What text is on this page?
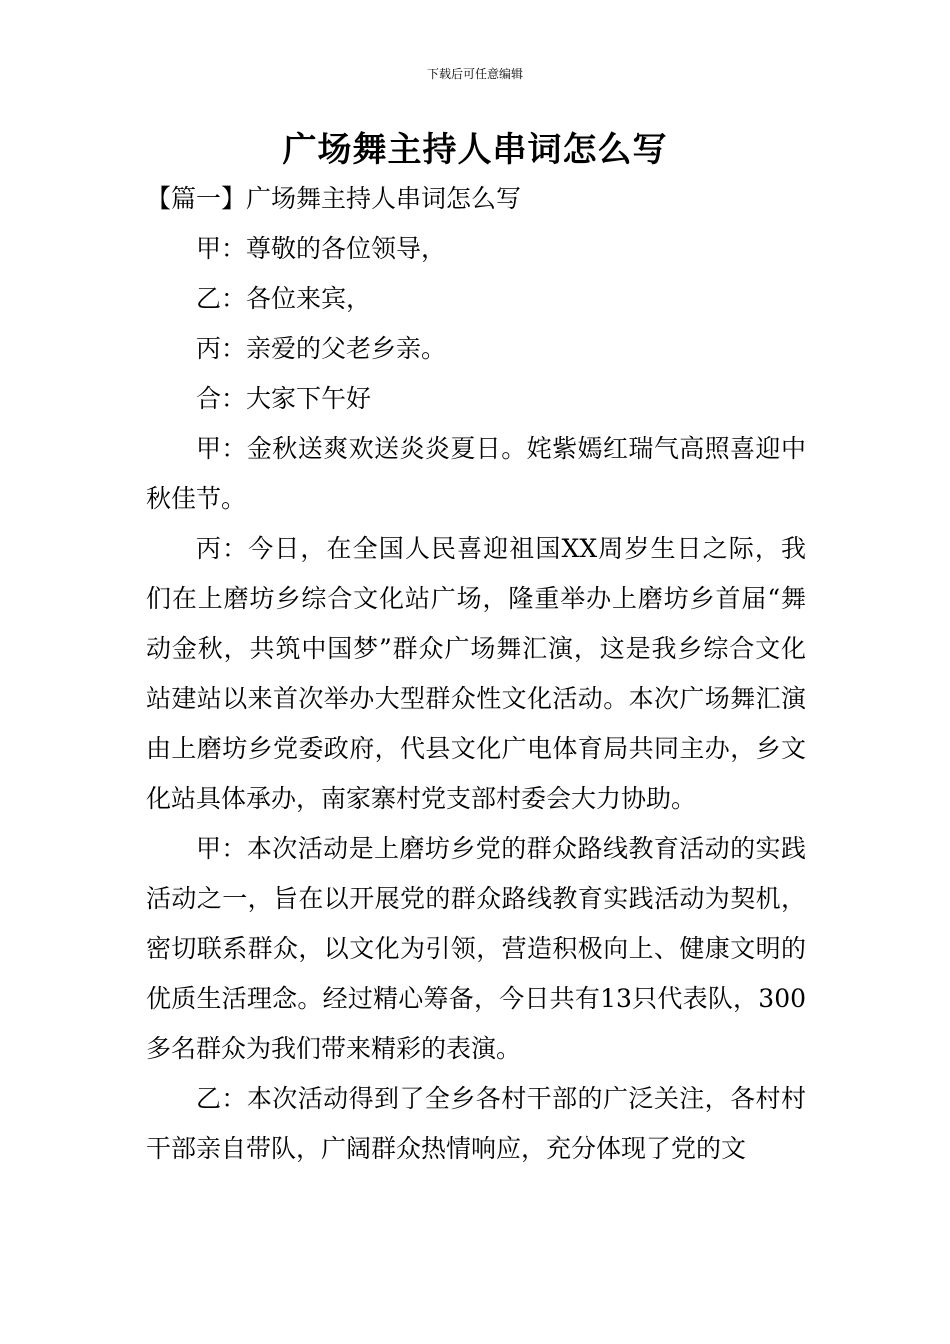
下载后可任意编辑
广场舞主持人串词怎么写

【篇一】广场舞主持人串词怎么写

甲：尊敬的各位领导，

乙：各位来宾，

丙：亲爱的父老乡亲。

合：大家下午好

甲：金秋送爽欢送炎炎夏日。姹紫嫣红瑞气高照喜迎中秋佳节。

丙：今日，在全国人民喜迎祖国XX周岁生日之际，我们在上磨坊乡综合文化站广场，隆重举办上磨坊乡首届“舞动金秋，共筑中国梦”群众广场舞汇演，这是我乡综合文化站建站以来首次举办大型群众性文化活动。本次广场舞汇演由上磨坊乡党委政府，代县文化广电体育局共同主办，乡文化站具体承办，南家寨村党支部村委会大力协助。

甲：本次活动是上磨坊乡党的群众路线教育活动的实践活动之一，旨在以开展党的群众路线教育实践活动为契机，密切联系群众，以文化为引领，营造积极向上、健康文明的优质生活理念。经过精心筹备，今日共有13只代表队，300多名群众为我们带来精彩的表演。

乙：本次活动得到了全乡各村干部的广泛关注，各村村干部亲自带队，广阔群众热情响应，充分体现了党的文
